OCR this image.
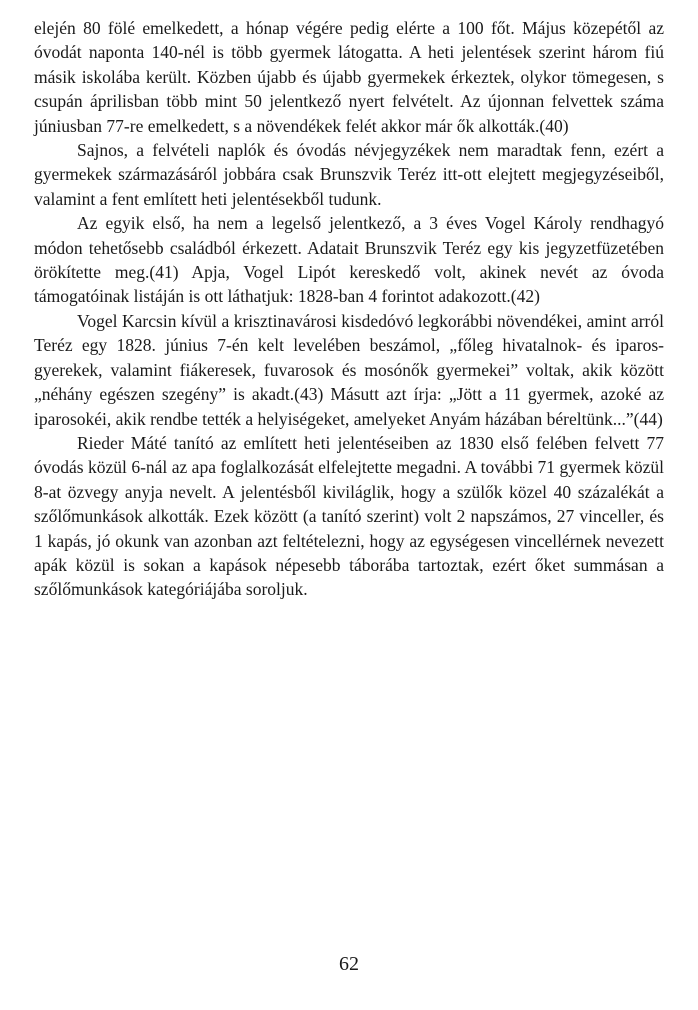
elején 80 fölé emelkedett, a hónap végére pedig elérte a 100 főt. Május közepétől az óvodát naponta 140-nél is több gyermek látogatta. A heti jelentések szerint három fiú másik iskolába került. Közben újabb és újabb gyermekek érkeztek, olykor tömegesen, s csupán áprilisban több mint 50 jelentkező nyert felvételt. Az újonnan felvettek száma júniusban 77-re emelkedett, s a növendékek felét akkor már ők alkották.(40)

Sajnos, a felvételi naplók és óvodás névjegyzékek nem maradtak fenn, ezért a gyermekek származásáról jobbára csak Brunszvik Teréz itt-ott elejtett megjegyzéseiből, valamint a fent említett heti jelentésekből tudunk.

Az egyik első, ha nem a legelső jelentkező, a 3 éves Vogel Károly rendhagyó módon tehetősebb családból érkezett. Adatait Brunszvik Teréz egy kis jegyzetfüzetében örökítette meg.(41) Apja, Vogel Lipót kereskedő volt, akinek nevét az óvoda támogatóinak listáján is ott láthatjuk: 1828-ban 4 forintot adakozott.(42)

Vogel Karcsin kívül a krisztinavárosi kisdedóvó legkorábbi növendékei, amint arról Teréz egy 1828. június 7-én kelt levelében beszámol, „főleg hivatalnok- és iparos-gyerekek, valamint fiákeresek, fuvarosok és mosónők gyermekei” voltak, akik között „néhány egészen szegény” is akadt.(43) Másutt azt írja: „Jött a 11 gyermek, azoké az iparosokéi, akik rendbe tették a helyiségeket, amelyeket Anyám házában béreltünk...”(44)

Rieder Máté tanító az említett heti jelentéseiben az 1830 első felében felvett 77 óvodás közül 6-nál az apa foglalkozását elfelejtette megadni. A további 71 gyermek közül 8-at özvegy anyja nevelt. A jelentésből kiviláglik, hogy a szülők közel 40 százalékát a szőlőmunkások alkották. Ezek között (a tanító szerint) volt 2 napszámos, 27 vinceller, és 1 kapás, jó okunk van azonban azt feltételezni, hogy az egységesen vincellérnek nevezett apák közül is sokan a kapások népesebb táborába tartoztak, ezért őket summásan a szőlőmunkások kategóriájába soroljuk.

62
